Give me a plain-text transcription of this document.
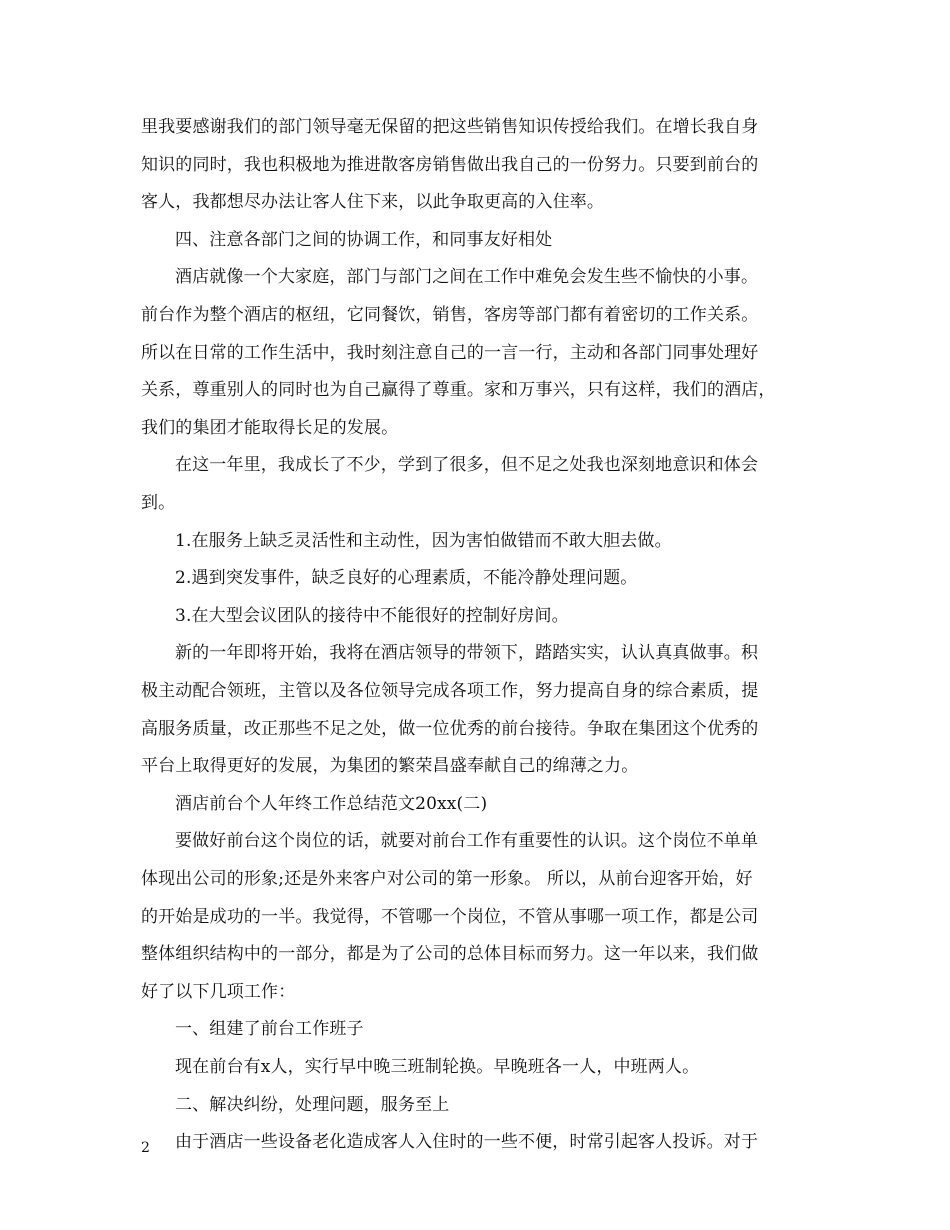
里我要感谢我们的部门领导毫无保留的把这些销售知识传授给我们。在增长我自身
知识的同时，我也积极地为推进散客房销售做出我自己的一份努力。只要到前台的
客人，我都想尽办法让客人住下来，以此争取更高的入住率。
四、注意各部门之间的协调工作，和同事友好相处
酒店就像一个大家庭，部门与部门之间在工作中难免会发生些不愉快的小事。
前台作为整个酒店的枢纽，它同餐饮，销售，客房等部门都有着密切的工作关系。
所以在日常的工作生活中，我时刻注意自己的一言一行，主动和各部门同事处理好
关系，尊重别人的同时也为自己赢得了尊重。家和万事兴，只有这样，我们的酒店，
我们的集团才能取得长足的发展。
在这一年里，我成长了不少，学到了很多，但不足之处我也深刻地意识和体会
到。
1.在服务上缺乏灵活性和主动性，因为害怕做错而不敢大胆去做。
2.遇到突发事件，缺乏良好的心理素质，不能冷静处理问题。
3.在大型会议团队的接待中不能很好的控制好房间。
新的一年即将开始，我将在酒店领导的带领下，踏踏实实，认认真真做事。积
极主动配合领班，主管以及各位领导完成各项工作，努力提高自身的综合素质，提
高服务质量，改正那些不足之处，做一位优秀的前台接待。争取在集团这个优秀的
平台上取得更好的发展，为集团的繁荣昌盛奉献自己的绵薄之力。
酒店前台个人年终工作总结范文20xx(二)
要做好前台这个岗位的话，就要对前台工作有重要性的认识。这个岗位不单单
体现出公司的形象;还是外来客户对公司的第一形象。 所以，从前台迎客开始，好
的开始是成功的一半。我觉得，不管哪一个岗位，不管从事哪一项工作，都是公司
整体组织结构中的一部分，都是为了公司的总体目标而努力。这一年以来，我们做
好了以下几项工作：
一、组建了前台工作班子
现在前台有x人，实行早中晚三班制轮换。早晚班各一人，中班两人。
二、解决纠纷，处理问题，服务至上
由于酒店一些设备老化造成客人入住时的一些不便，时常引起客人投诉。对于
2
